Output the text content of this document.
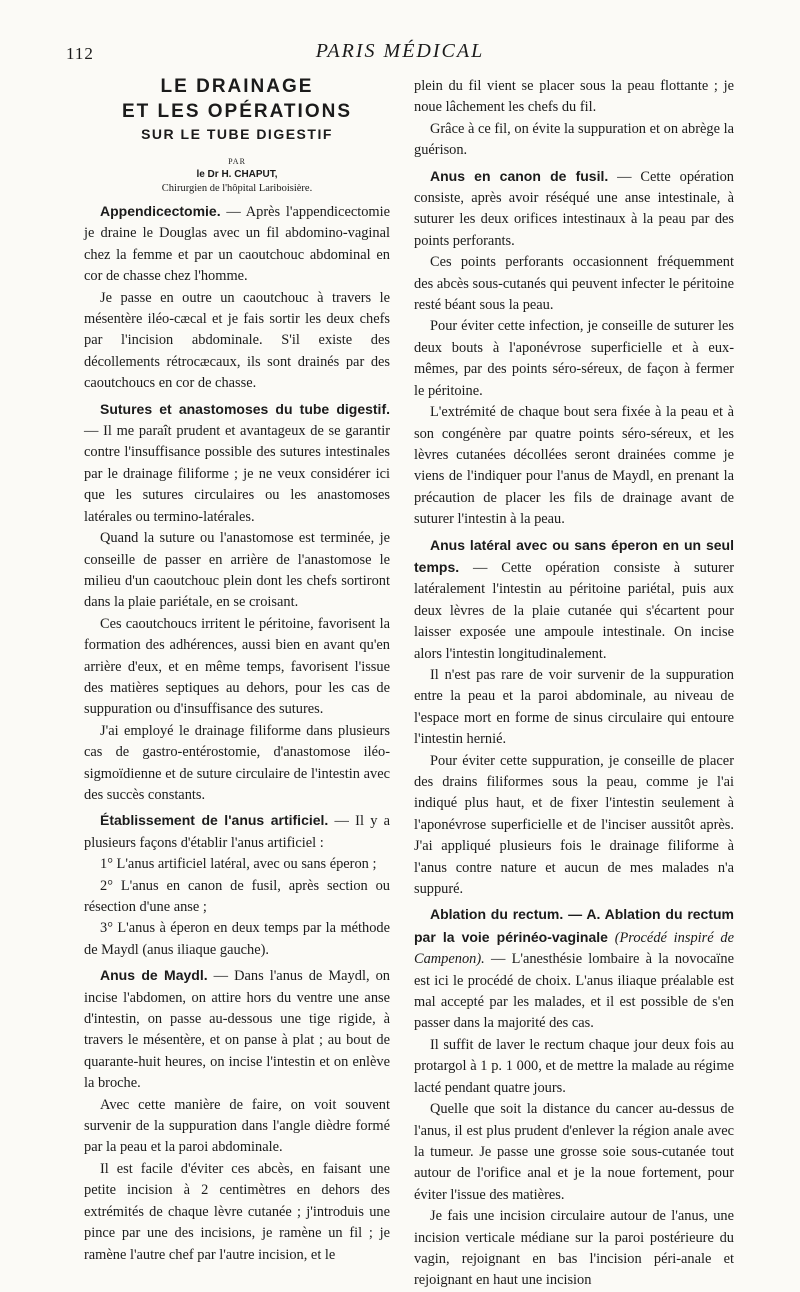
112	PARIS MÉDICAL
LE DRAINAGE
ET LES OPÉRATIONS
SUR LE TUBE DIGESTIF
PAR
le Dr H. CHAPUT,
Chirurgien de l'hôpital Lariboisière.

Appendicectomie. — Après l'appendicectomie je draine le Douglas avec un fil abdomino-vaginal chez la femme et par un caoutchouc abdominal en cor de chasse chez l'homme.

Je passe en outre un caoutchouc à travers le mésentère iléo-cæcal et je fais sortir les deux chefs par l'incision abdominale. S'il existe des décollements rétrocæcaux, ils sont drainés par des caoutchoucs en cor de chasse.

Sutures et anastomoses du tube digestif. — Il me paraît prudent et avantageux de se garantir contre l'insuffisance possible des sutures intestinales par le drainage filiforme ; je ne veux considérer ici que les sutures circulaires ou les anastomoses latérales ou termino-latérales.

Quand la suture ou l'anastomose est terminée, je conseille de passer en arrière de l'anastomose le milieu d'un caoutchouc plein dont les chefs sortiront dans la plaie pariétale, en se croisant.

Ces caoutchoucs irritent le péritoine, favorisent la formation des adhérences, aussi bien en avant qu'en arrière d'eux, et en même temps, favorisent l'issue des matières septiques au dehors, pour les cas de suppuration ou d'insuffisance des sutures.

J'ai employé le drainage filiforme dans plusieurs cas de gastro-entérostomie, d'anastomose iléo-sigmoïdienne et de suture circulaire de l'intestin avec des succès constants.

Établissement de l'anus artificiel. — Il y a plusieurs façons d'établir l'anus artificiel :

1° L'anus artificiel latéral, avec ou sans éperon ;

2° L'anus en canon de fusil, après section ou résection d'une anse ;

3° L'anus à éperon en deux temps par la méthode de Maydl (anus iliaque gauche).

Anus de Maydl. — Dans l'anus de Maydl, on incise l'abdomen, on attire hors du ventre une anse d'intestin, on passe au-dessous une tige rigide, à travers le mésentère, et on panse à plat ; au bout de quarante-huit heures, on incise l'intestin et on enlève la broche.

Avec cette manière de faire, on voit souvent survenir de la suppuration dans l'angle dièdre formé par la peau et la paroi abdominale.

Il est facile d'éviter ces abcès, en faisant une petite incision à 2 centimètres en dehors des extrémités de chaque lèvre cutanée ; j'introduis une pince par une des incisions, je ramène un fil ; je ramène l'autre chef par l'autre incision, et le

plein du fil vient se placer sous la peau flottante ; je noue lâchement les chefs du fil.

Grâce à ce fil, on évite la suppuration et on abrège la guérison.

Anus en canon de fusil. — Cette opération consiste, après avoir réséqué une anse intestinale, à suturer les deux orifices intestinaux à la peau par des points perforants.

Ces points perforants occasionnent fréquemment des abcès sous-cutanés qui peuvent infecter le péritoine resté béant sous la peau.

Pour éviter cette infection, je conseille de suturer les deux bouts à l'aponévrose superficielle et à eux-mêmes, par des points séro-séreux, de façon à fermer le péritoine.

L'extrémité de chaque bout sera fixée à la peau et à son congénère par quatre points séro-séreux, et les lèvres cutanées décollées seront drainées comme je viens de l'indiquer pour l'anus de Maydl, en prenant la précaution de placer les fils de drainage avant de suturer l'intestin à la peau.

Anus latéral avec ou sans éperon en un seul temps. — Cette opération consiste à suturer latéralement l'intestin au péritoine pariétal, puis aux deux lèvres de la plaie cutanée qui s'écartent pour laisser exposée une ampoule intestinale. On incise alors l'intestin longitudinalement.

Il n'est pas rare de voir survenir de la suppuration entre la peau et la paroi abdominale, au niveau de l'espace mort en forme de sinus circulaire qui entoure l'intestin hernié.

Pour éviter cette suppuration, je conseille de placer des drains filiformes sous la peau, comme je l'ai indiqué plus haut, et de fixer l'intestin seulement à l'aponévrose superficielle et de l'inciser aussitôt après. J'ai appliqué plusieurs fois le drainage filiforme à l'anus contre nature et aucun de mes malades n'a suppuré.

Ablation du rectum. — A. Ablation du rectum par la voie périnéo-vaginale (Procédé inspiré de Campenon). — L'anesthésie lombaire à la novocaïne est ici le procédé de choix. L'anus iliaque préalable est mal accepté par les malades, et il est possible de s'en passer dans la majorité des cas.

Il suffit de laver le rectum chaque jour deux fois au protargol à 1 p. 1 000, et de mettre la malade au régime lacté pendant quatre jours.

Quelle que soit la distance du cancer au-dessus de l'anus, il est plus prudent d'enlever la région anale avec la tumeur. Je passe une grosse soie sous-cutanée tout autour de l'orifice anal et je la noue fortement, pour éviter l'issue des matières.

Je fais une incision circulaire autour de l'anus, une incision verticale médiane sur la paroi postérieure du vagin, rejoignant en bas l'incision péri-anale et rejoignant en haut une incision
